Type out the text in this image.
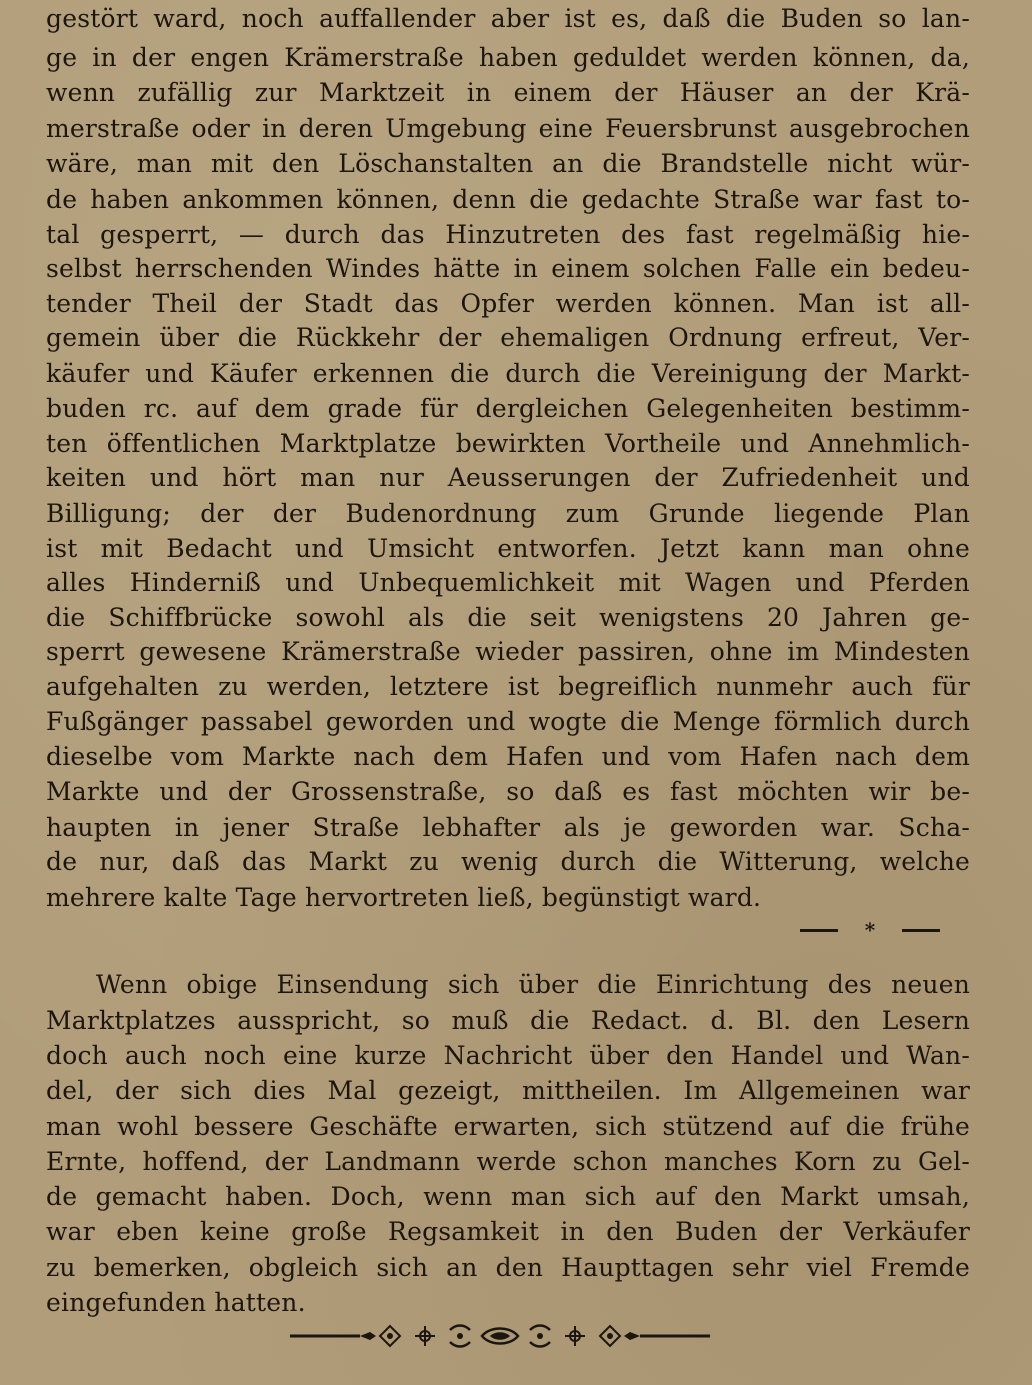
gestört ward, noch auffallender aber ist es, daß die Buden so lan-
ge in der engen Krämerstraße haben geduldet werden können, da,
wenn zufällig zur Marktzeit in einem der Häuser an der Krä-
merstraße oder in deren Umgebung eine Feuersbrunst ausgebrochen
wäre, man mit den Löschanstalten an die Brandstelle nicht wür-
de haben ankommen können, denn die gedachte Straße war fast to-
tal gesperrt, — durch das Hinzutreten des fast regelmäßig hie-
selbst herrschenden Windes hätte in einem solchen Falle ein bedeu-
tender Theil der Stadt das Opfer werden können. Man ist all-
gemein über die Rückkehr der ehemaligen Ordnung erfreut, Ver-
käufer und Käufer erkennen die durch die Vereinigung der Markt-
buden rc. auf dem grade für dergleichen Gelegenheiten bestimm-
ten öffentlichen Marktplatze bewirkten Vortheile und Annehmlich-
keiten und hört man nur Aeusserungen der Zufriedenheit und
Billigung; der der Budenordnung zum Grunde liegende Plan
ist mit Bedacht und Umsicht entworfen. Jetzt kann man ohne
alles Hinderniß und Unbequemlichkeit mit Wagen und Pferden
die Schiffbrücke sowohl als die seit wenigstens 20 Jahren ge-
sperrt gewesene Krämerstraße wieder passiren, ohne im Mindesten
aufgehalten zu werden, letztere ist begreiflich nunmehr auch für
Fußgänger passabel geworden und wogte die Menge förmlich durch
dieselbe vom Markte nach dem Hafen und vom Hafen nach dem
Markte und der Grossenstraße, so daß es fast möchten wir be-
haupten in jener Straße lebhafter als je geworden war. Scha-
de nur, daß das Markt zu wenig durch die Witterung, welche
mehrere kalte Tage hervortreten ließ, begünstigt ward.
*
Wenn obige Einsendung sich über die Einrichtung des neuen
Marktplatzes ausspricht, so muß die Redact. d. Bl. den Lesern
doch auch noch eine kurze Nachricht über den Handel und Wan-
del, der sich dies Mal gezeigt, mittheilen. Im Allgemeinen war
man wohl bessere Geschäfte erwarten, sich stützend auf die frühe
Ernte, hoffend, der Landmann werde schon manches Korn zu Gel-
de gemacht haben. Doch, wenn man sich auf den Markt umsah,
war eben keine große Regsamkeit in den Buden der Verkäufer
zu bemerken, obgleich sich an den Haupttagen sehr viel Fremde
eingefunden hatten.
